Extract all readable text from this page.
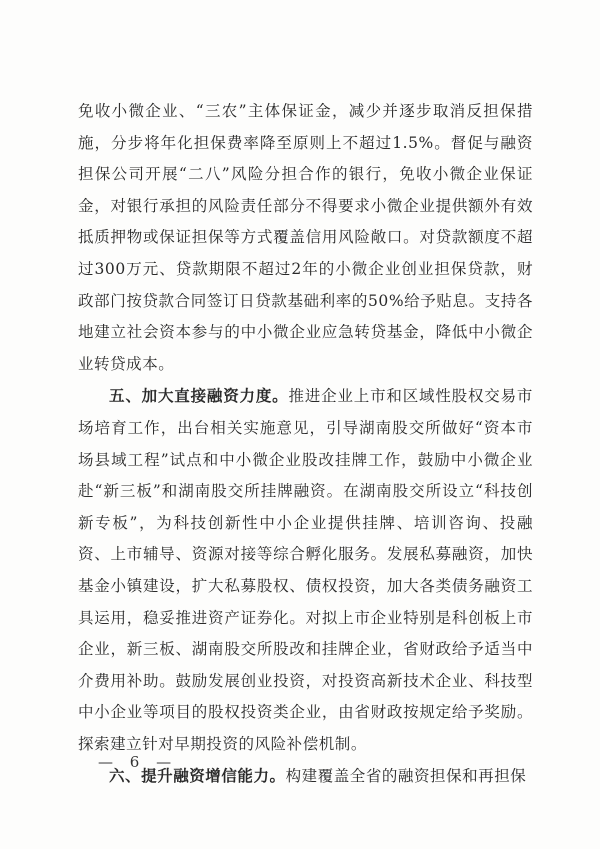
免收小微企业、“三农”主体保证金，减少并逐步取消反担保措施，分步将年化担保费率降至原则上不超过1.5%。督促与融资担保公司开展“二八”风险分担合作的银行，免收小微企业保证金，对银行承担的风险责任部分不得要求小微企业提供额外有效抵质押物或保证担保等方式覆盖信用风险敞口。对贷款额度不超过300万元、贷款期限不超过2年的小微企业创业担保贷款，财政部门按贷款合同签订日贷款基础利率的50%给予贴息。支持各地建立社会资本参与的中小微企业应急转贷基金，降低中小微企业转贷成本。

五、加大直接融资力度。推进企业上市和区域性股权交易市场培育工作，出台相关实施意见，引导湖南股交所做好“资本市场县域工程”试点和中小微企业股改挂牌工作，鼓励中小微企业赴“新三板”和湖南股交所挂牌融资。在湖南股交所设立“科技创新专板”，为科技创新性中小企业提供挂牌、培训咨询、投融资、上市辅导、资源对接等综合孵化服务。发展私募融资，加快基金小镇建设，扩大私募股权、债权投资，加大各类债务融资工具运用，稳妥推进资产证券化。对拟上市企业特别是科创板上市企业，新三板、湖南股交所股改和挂牌企业，省财政给予适当中介费用补助。鼓励发展创业投资，对投资高新技术企业、科技型中小企业等项目的股权投资类企业，由省财政按规定给予奖励。探索建立针对早期投资的风险补偿机制。

六、提升融资增信能力。构建覆盖全省的融资担保和再担保

— 6 —
